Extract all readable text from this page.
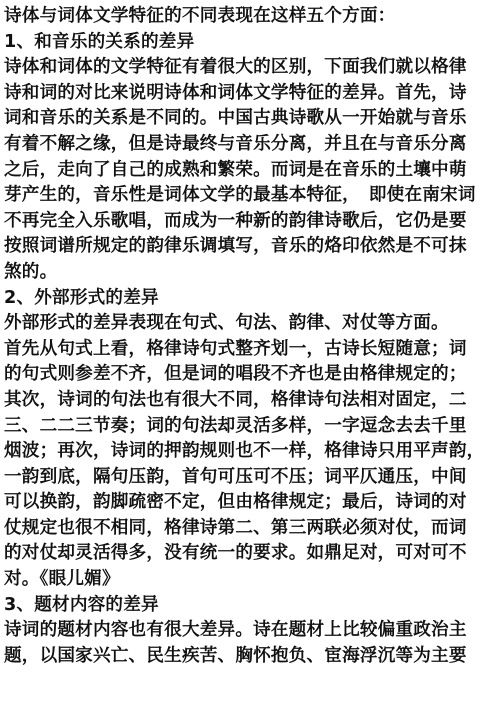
诗体与词体文学特征的不同表现在这样五个方面：
1、和音乐的关系的差异
诗体和词体的文学特征有着很大的区别，下面我们就以格律
诗和词的对比来说明诗体和词体文学特征的差异。首先，诗
词和音乐的关系是不同的。中国古典诗歌从一开始就与音乐
有着不解之缘，但是诗最终与音乐分离，并且在与音乐分离
之后，走向了自己的成熟和繁荣。而词是在音乐的土壤中萌
芽产生的，音乐性是词体文学的最基本特征，　即使在南宋词
不再完全入乐歌唱，而成为一种新的韵律诗歌后，它仍是要
按照词谱所规定的韵律乐调填写，音乐的烙印依然是不可抹
煞的。
2、外部形式的差异
外部形式的差异表现在句式、句法、韵律、对仗等方面。
首先从句式上看，格律诗句式整齐划一，古诗长短随意；词
的句式则参差不齐，但是词的唱段不齐也是由格律规定的；
其次，诗词的句法也有很大不同，格律诗句法相对固定，二
三、二二三节奏；词的句法却灵活多样，一字逗念去去千里
烟波；再次，诗词的押韵规则也不一样，格律诗只用平声韵，
一韵到底，隔句压韵，首句可压可不压；词平仄通压，中间
可以换韵，韵脚疏密不定，但由格律规定；最后，诗词的对
仗规定也很不相同，格律诗第二、第三两联必须对仗，而词
的对仗却灵活得多，没有统一的要求。如鼎足对，可对可不
对。《眼儿媚》
3、题材内容的差异
诗词的题材内容也有很大差异。诗在题材上比较偏重政治主
题，以国家兴亡、民生疾苦、胸怀抱负、宦海浮沉等为主要
